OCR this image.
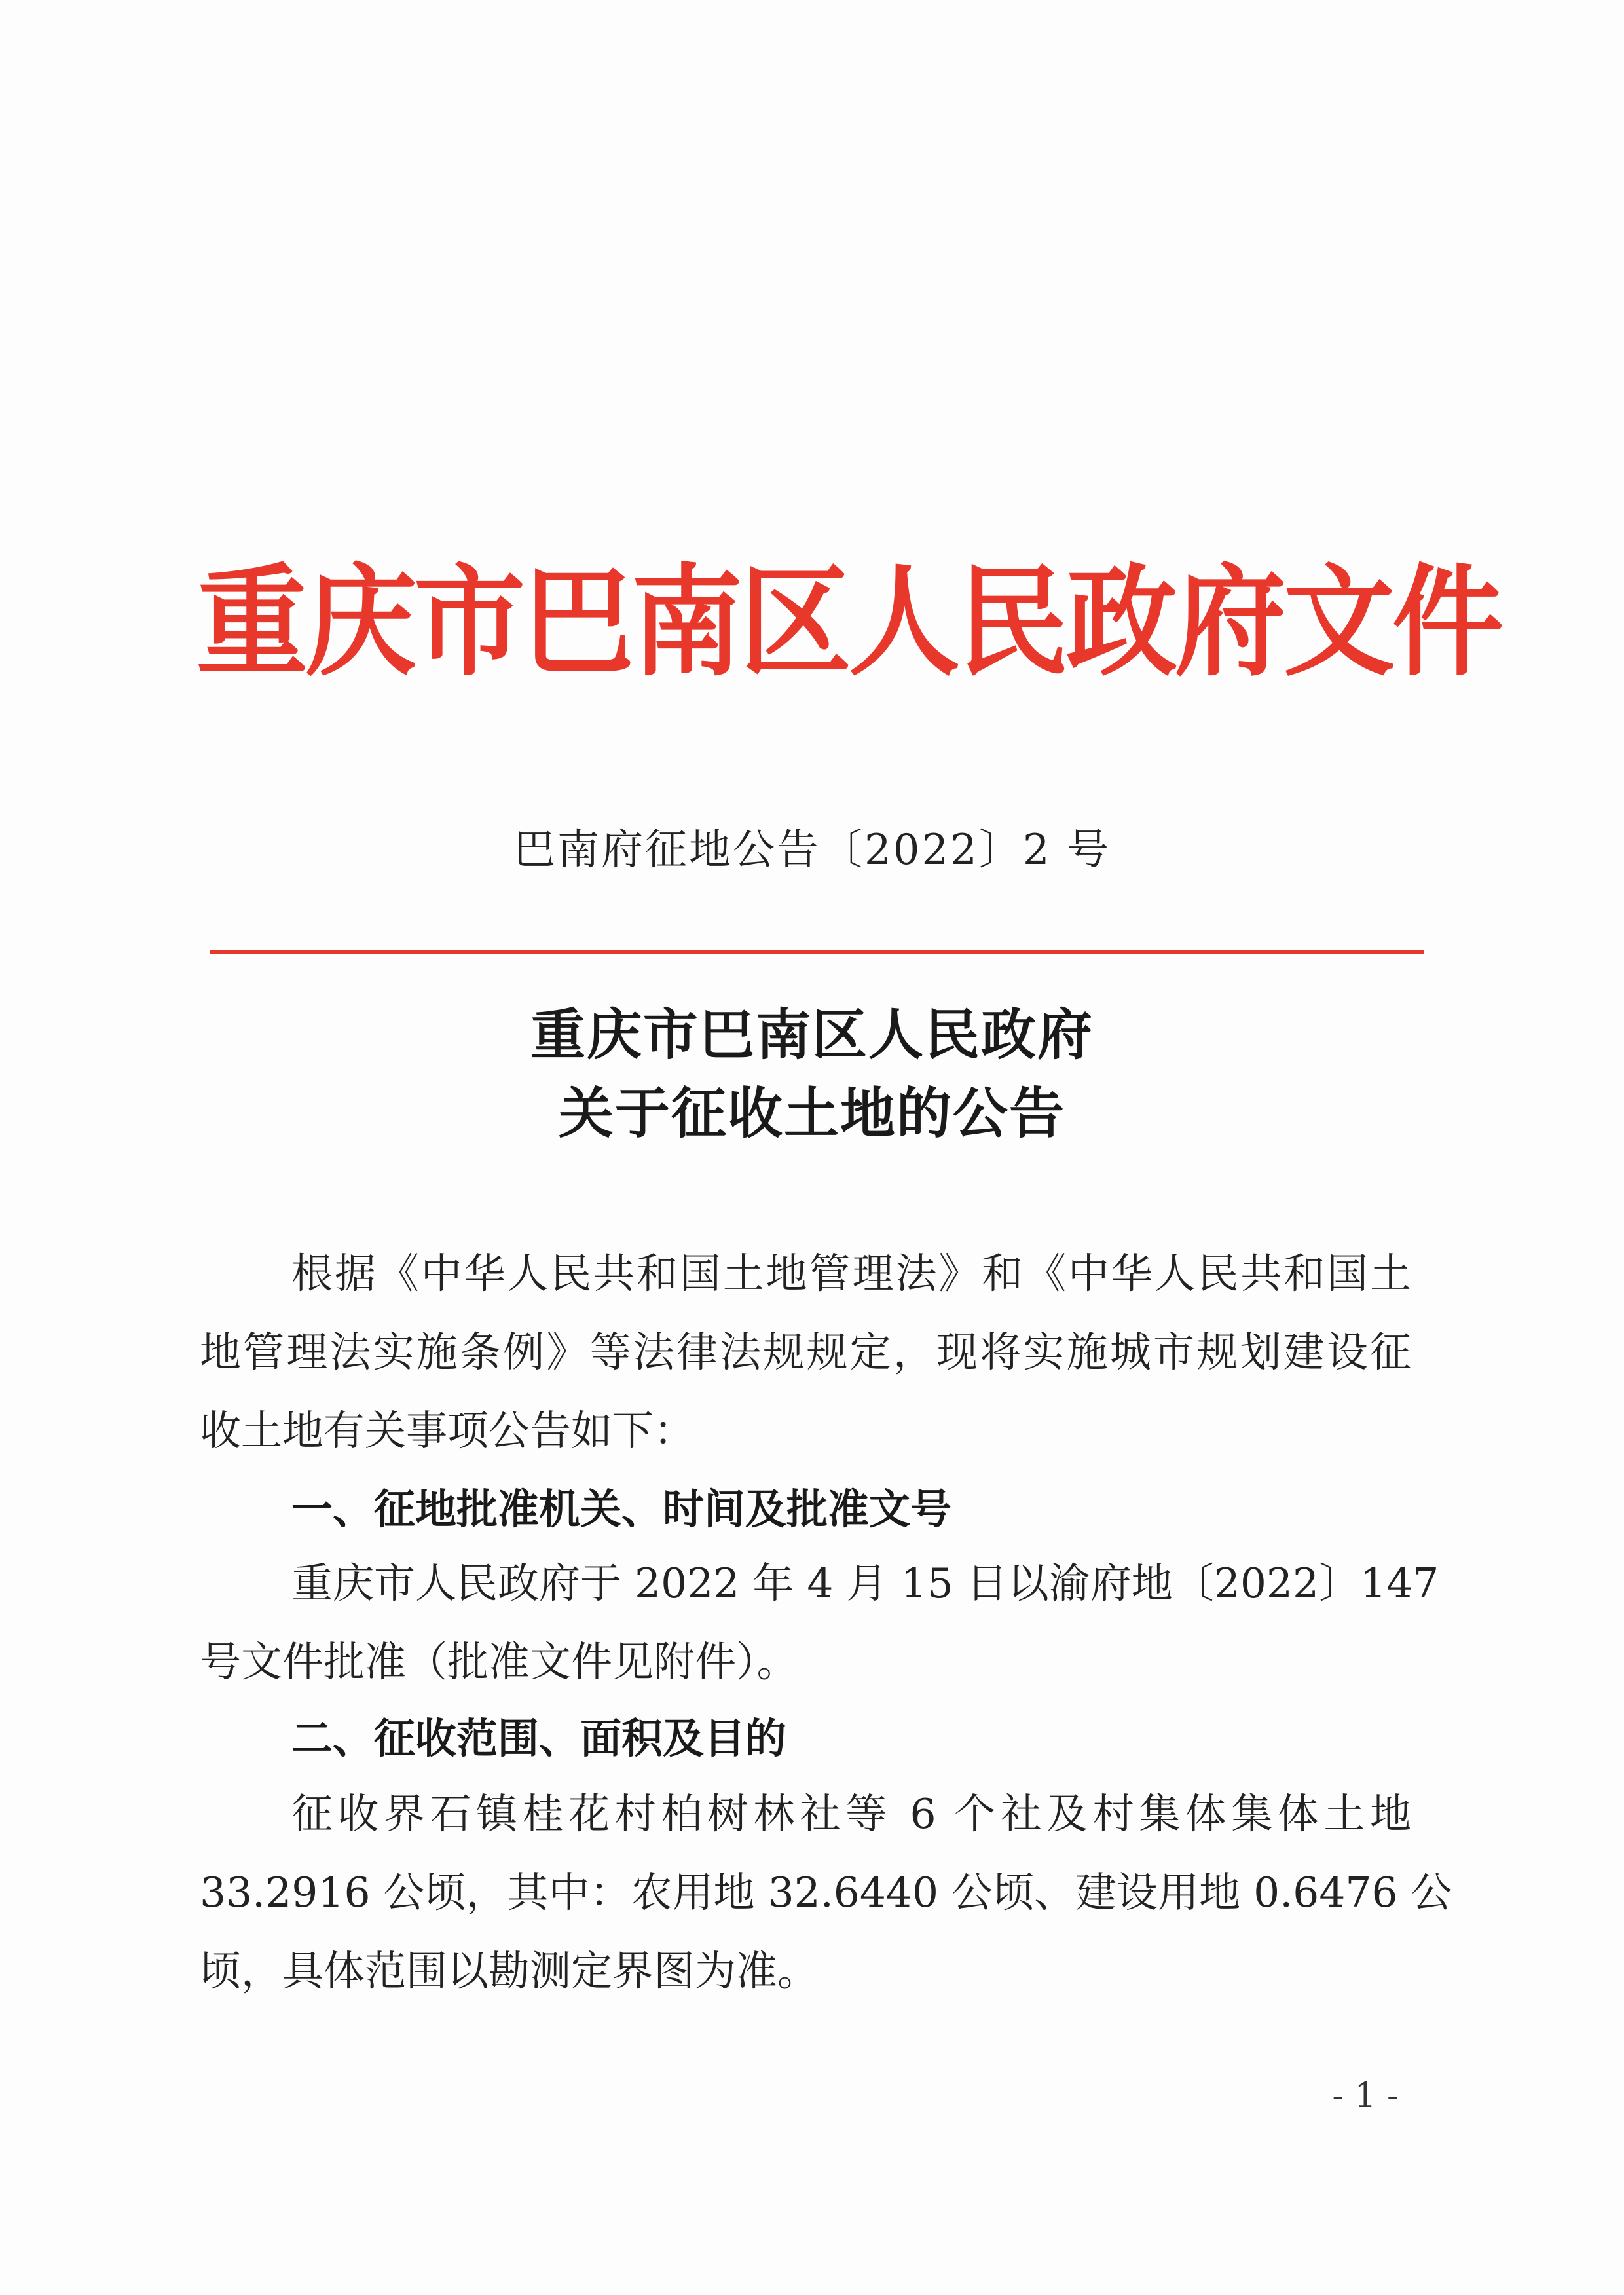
重庆市巴南区人民政府文件
巴南府征地公告〔2022〕2 号
重庆市巴南区人民政府
关于征收土地的公告
根据《中华人民共和国土地管理法》和《中华人民共和国土
地管理法实施条例》等法律法规规定，现将实施城市规划建设征
收土地有关事项公告如下：
一、征地批准机关、时间及批准文号
重庆市人民政府于 2022 年 4 月 15 日以渝府地〔2022〕147
号文件批准（批准文件见附件）。
二、征收范围、面积及目的
征收界石镇桂花村柏树林社等 6 个社及村集体集体土地
33.2916 公顷，其中：农用地 32.6440 公顷、建设用地 0.6476 公
顷，具体范围以勘测定界图为准。
- 1 -
